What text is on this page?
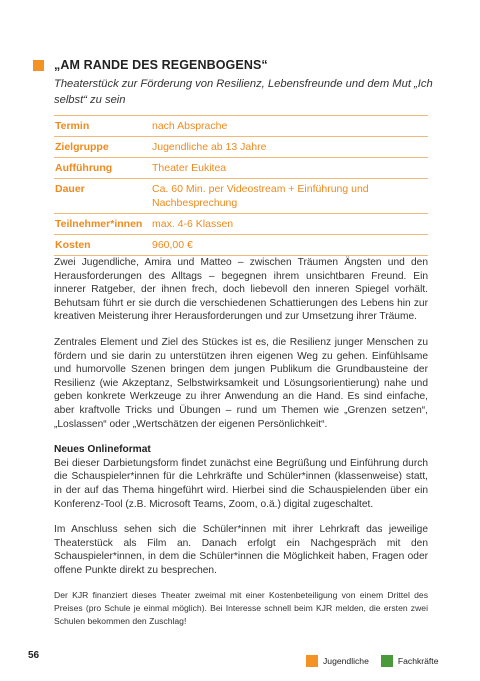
„AM RANDE DES REGENBOGENS“
Theaterstück zur Förderung von Resilienz, Lebensfreunde und dem Mut „Ich selbst“ zu sein
Termin	nach Absprache
Zielgruppe	Jugendliche ab 13 Jahre
Aufführung	Theater Eukitea
Dauer	Ca. 60 Min. per Videostream + Einführung und Nachbesprechung
Teilnehmer*innen max. 4-6 Klassen
Kosten	960,00 €

Zwei Jugendliche, Amira und Matteo – zwischen Träumen Ängsten und den Herausforderungen des Alltags – begegnen ihrem unsichtbaren Freund. Ein innerer Ratgeber, der ihnen frech, doch liebevoll den inneren Spiegel vorhält. Behutsam führt er sie durch die verschiedenen Schattierungen des Lebens hin zur kreativen Meisterung ihrer Herausforderungen und zur Umsetzung ihrer Träume.

Zentrales Element und Ziel des Stückes ist es, die Resilienz junger Menschen zu fördern und sie darin zu unterstützen ihren eigenen Weg zu gehen. Einfühlsame und humorvolle Szenen bringen dem jungen Publikum die Grundbausteine der Resilienz (wie Akzeptanz, Selbstwirksamkeit und Lösungsorientierung) nahe und geben konkrete Werkzeuge zu ihrer Anwendung an die Hand. Es sind einfache, aber kraftvolle Tricks und Übungen – rund um Themen wie „Grenzen setzen“, „Loslassen“ oder „Wertschätzen der eigenen Persönlichkeit“.

Neues Onlineformat

Bei dieser Darbietungsform findet zunächst eine Begrüßung und Einführung durch die Schauspieler*innen für die Lehrkräfte und Schüler*innen (klassenweise) statt, in der auf das Thema hingeführt wird. Hierbei sind die Schauspielenden über ein Konferenz-Tool (z.B. Microsoft Teams, Zoom, o.ä.) digital zugeschaltet.

Im Anschluss sehen sich die Schüler*innen mit ihrer Lehrkraft das jeweilige Theaterstück als Film an. Danach erfolgt ein Nachgespräch mit den Schauspieler*innen, in dem die Schüler*innen die Möglichkeit haben, Fragen oder offene Punkte direkt zu besprechen.

Der KJR finanziert dieses Theater zweimal mit einer Kostenbeteiligung von einem Drittel des Preises (pro Schule je einmal möglich). Bei Interesse schnell beim KJR melden, die ersten zwei Schulen bekommen den Zuschlag!

56	Jugendliche	Fachkräfte
